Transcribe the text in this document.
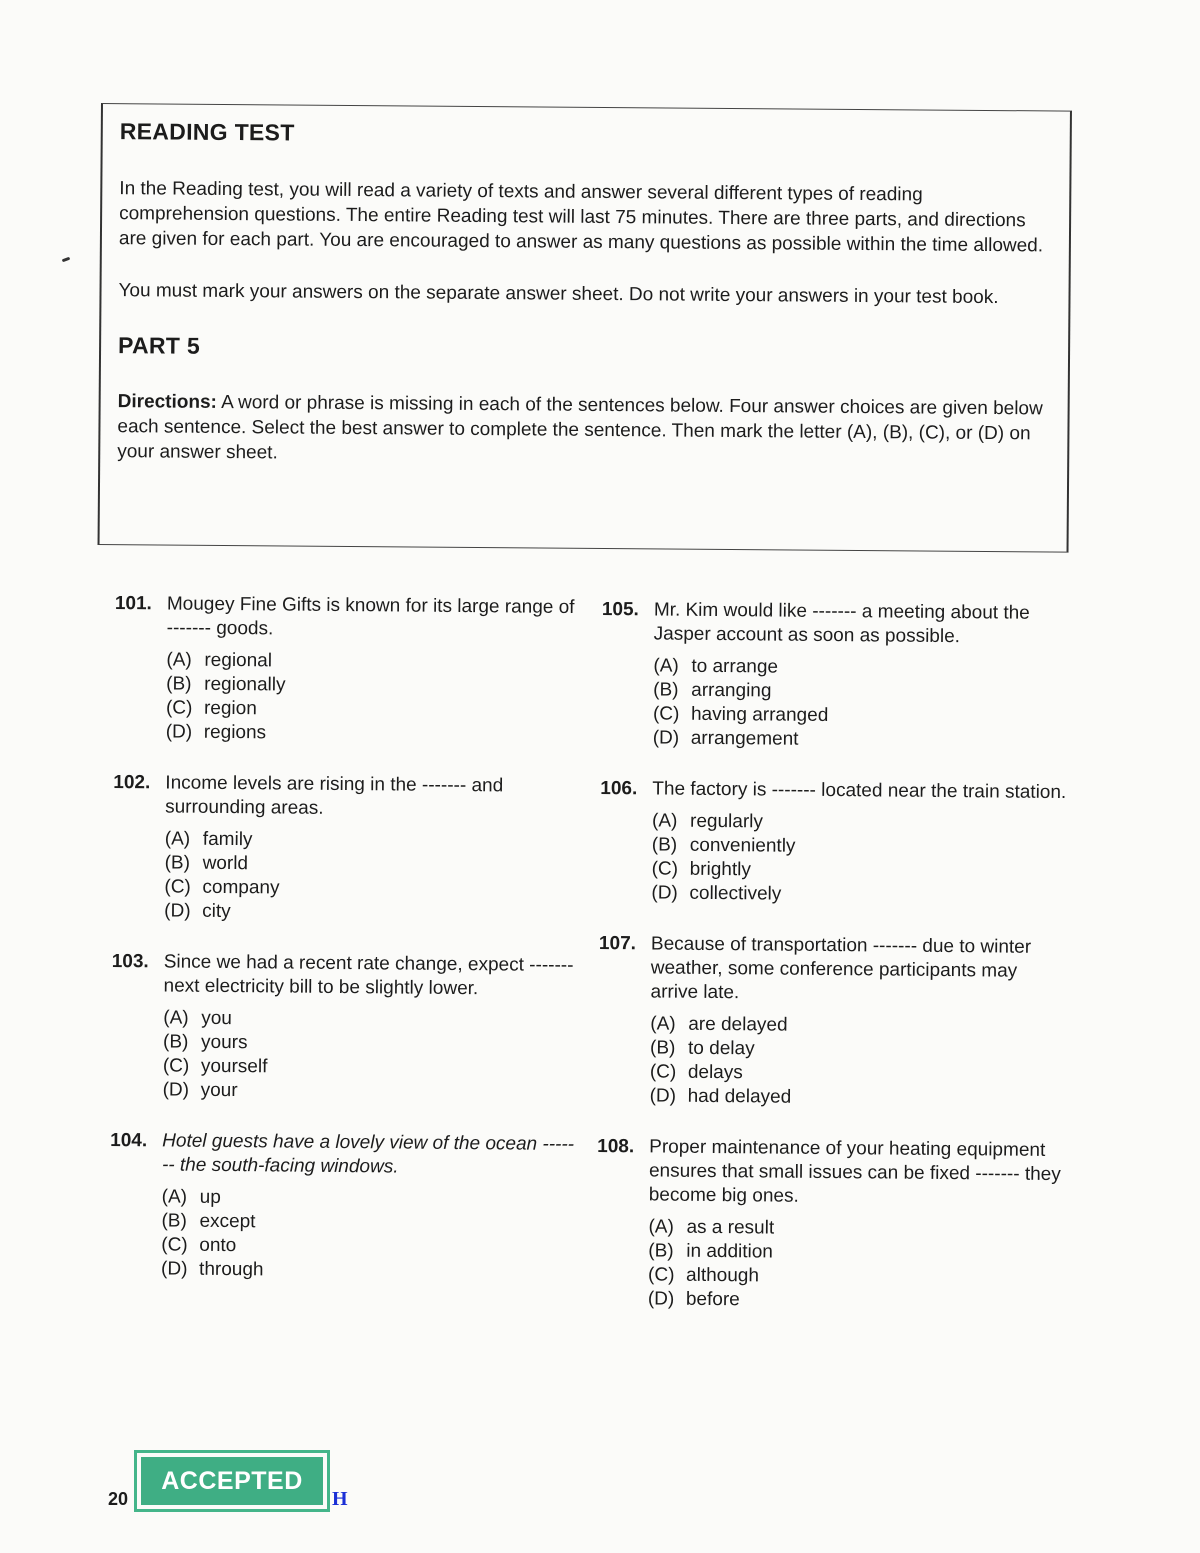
READING TEST

In the Reading test, you will read a variety of texts and answer several different types of reading comprehension questions. The entire Reading test will last 75 minutes. There are three parts, and directions are given for each part. You are encouraged to answer as many questions as possible within the time allowed.

You must mark your answers on the separate answer sheet. Do not write your answers in your test book.

PART 5

Directions: A word or phrase is missing in each of the sentences below. Four answer choices are given below each sentence. Select the best answer to complete the sentence. Then mark the letter (A), (B), (C), or (D) on your answer sheet.

101. Mougey Fine Gifts is known for its large range of ------- goods.
(A) regional
(B) regionally
(C) region
(D) regions
102. Income levels are rising in the ------- and surrounding areas.
(A) family
(B) world
(C) company
(D) city
103. Since we had a recent rate change, expect ------- next electricity bill to be slightly lower.
(A) you
(B) yours
(C) yourself
(D) your
104. Hotel guests have a lovely view of the ocean ------- the south-facing windows.
(A) up
(B) except
(C) onto
(D) through
105. Mr. Kim would like ------- a meeting about the Jasper account as soon as possible.
(A) to arrange
(B) arranging
(C) having arranged
(D) arrangement
106. The factory is ------- located near the train station.
(A) regularly
(B) conveniently
(C) brightly
(D) collectively
107. Because of transportation ------- due to winter weather, some conference participants may arrive late.
(A) are delayed
(B) to delay
(C) delays
(D) had delayed
108. Proper maintenance of your heating equipment ensures that small issues can be fixed ------- they become big ones.
(A) as a result
(B) in addition
(C) although
(D) before
20
ACCEPTED
H
